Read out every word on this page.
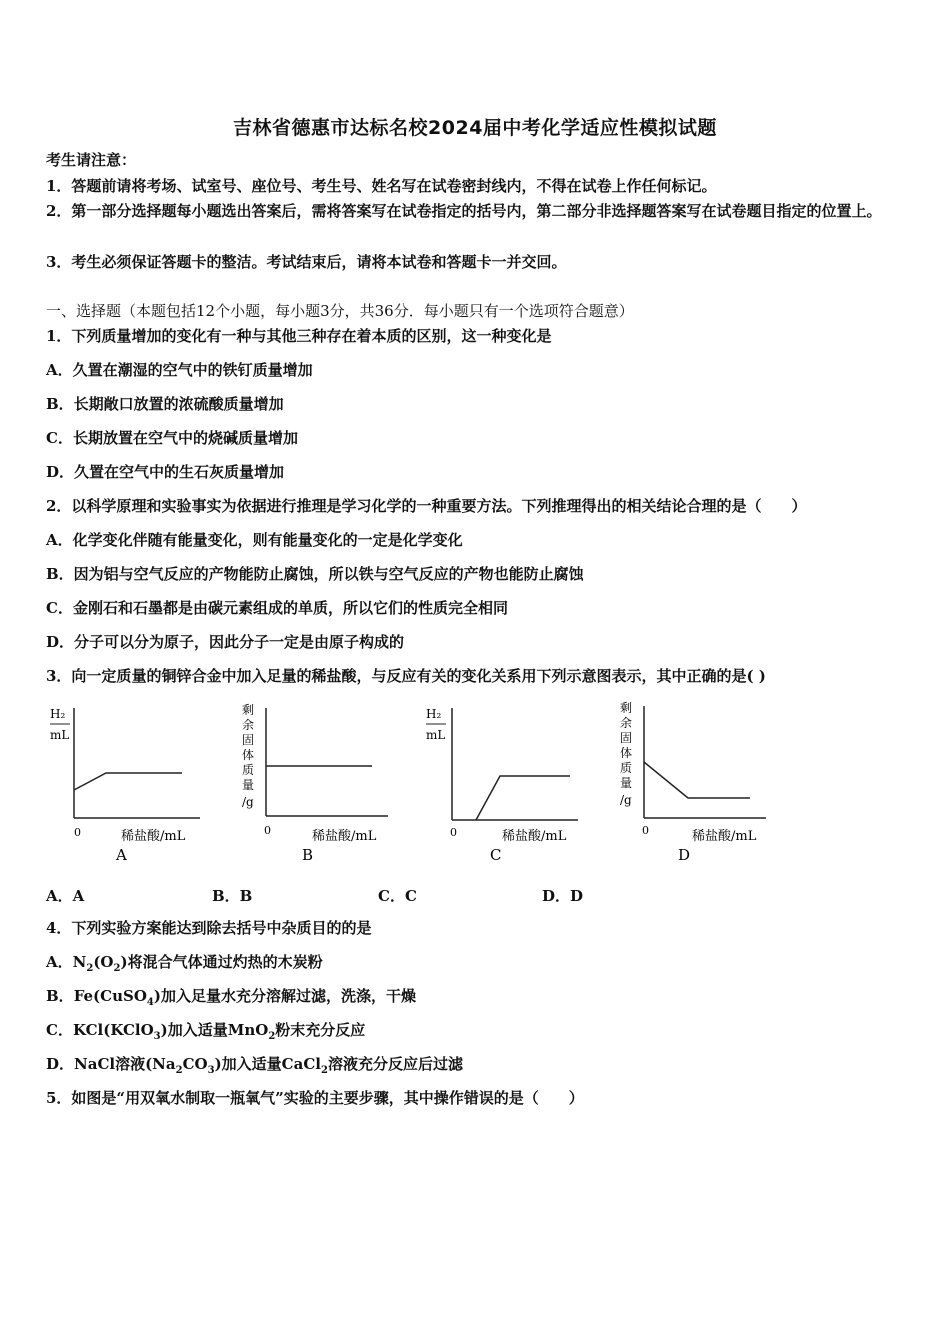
吉林省德惠市达标名校2024届中考化学适应性模拟试题
考生请注意：
1．答题前请将考场、试室号、座位号、考生号、姓名写在试卷密封线内，不得在试卷上作任何标记。
2．第一部分选择题每小题选出答案后，需将答案写在试卷指定的括号内，第二部分非选择题答案写在试卷题目指定的位置上。
3．考生必须保证答题卡的整洁。考试结束后，请将本试卷和答题卡一并交回。
一、选择题（本题包括12个小题，每小题3分，共36分．每小题只有一个选项符合题意）
1．下列质量增加的变化有一种与其他三种存在着本质的区别，这一种变化是
A．久置在潮湿的空气中的铁钉质量增加
B．长期敞口放置的浓硫酸质量增加
C．长期放置在空气中的烧碱质量增加
D．久置在空气中的生石灰质量增加
2．以科学原理和实验事实为依据进行推理是学习化学的一种重要方法。下列推理得出的相关结论合理的是（　　）
A．化学变化伴随有能量变化，则有能量变化的一定是化学变化
B．因为铝与空气反应的产物能防止腐蚀，所以铁与空气反应的产物也能防止腐蚀
C．金刚石和石墨都是由碳元素组成的单质，所以它们的性质完全相同
D．分子可以分为原子，因此分子一定是由原子构成的
3．向一定质量的铜锌合金中加入足量的稀盐酸，与反应有关的变化关系用下列示意图表示，其中正确的是( )
H₂
mL
0	稀盐酸/mL
A
剩余固体质量
/g
0	稀盐酸/mL
B
H₂
mL
0	稀盐酸/mL
C
剩余固体质量
/g
0	稀盐酸/mL
D
A．A	B．B	C．C	D．D
4．下列实验方案能达到除去括号中杂质目的的是
A．$N_2(O_2)$将混合气体通过灼热的木炭粉
B．Fe(CuSO$_4$)加入足量水充分溶解过滤，洗涤，干燥
C．KCl(KClO$_3$)加入适量MnO$_2$粉末充分反应
D．NaCl溶液$(Na_2CO_3)$加入适量CaCl$_2$溶液充分反应后过滤
5．如图是“用双氧水制取一瓶氧气”实验的主要步骤，其中操作错误的是（　　）
